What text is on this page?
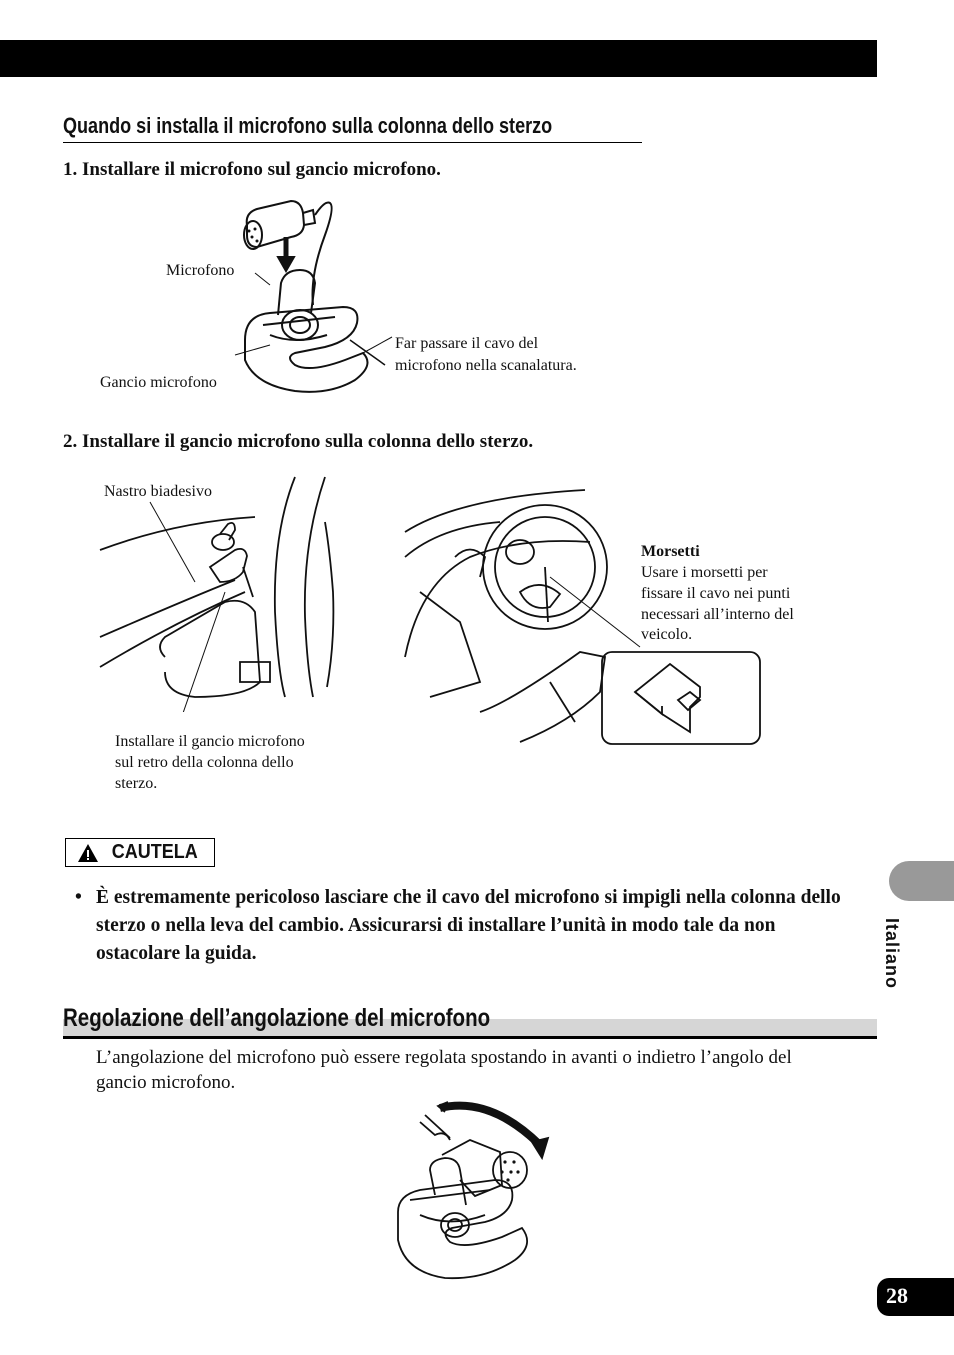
Quando si installa il microfono sulla colonna dello sterzo
1. Installare il microfono sul gancio microfono.
Microfono
Gancio microfono
Far passare il cavo del
microfono nella scanalatura.
2. Installare il gancio microfono sulla colonna dello sterzo.
Nastro biadesivo
Installare il gancio microfono
sul retro della colonna dello
sterzo.
Morsetti
Usare i morsetti per
fissare il cavo nei punti
necessari all’interno del
veicolo.
CAUTELA
• È estremamente pericoloso lasciare che il cavo del microfono si impigli nella colonna dello sterzo o nella leva del cambio. Assicurarsi di installare l’unità in modo tale da non ostacolare la guida.
Regolazione dell’angolazione del microfono
L’angolazione del microfono può essere regolata spostando in avanti o indietro l’angolo del gancio microfono.
Italiano
28
